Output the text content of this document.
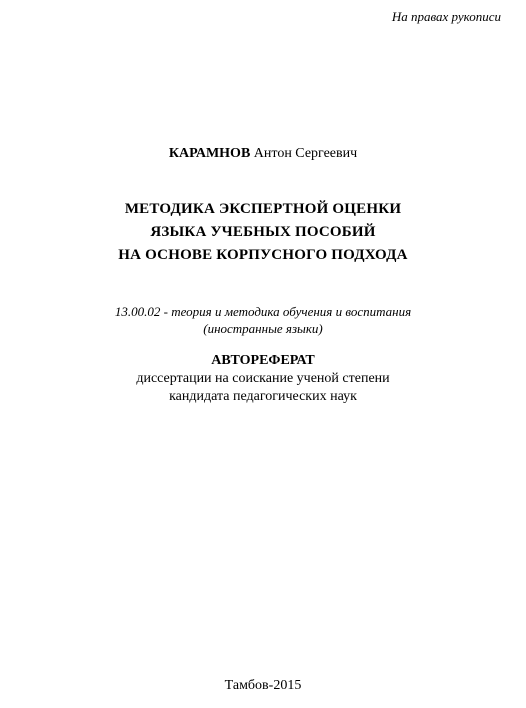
На правах рукописи
КАРАМНОВ Антон Сергеевич
МЕТОДИКА ЭКСПЕРТНОЙ ОЦЕНКИ
ЯЗЫКА УЧЕБНЫХ ПОСОБИЙ
НА ОСНОВЕ КОРПУСНОГО ПОДХОДА
13.00.02 - теория и методика обучения и воспитания
(иностранные языки)
АВТОРЕФЕРАТ
диссертации на соискание ученой степени
кандидата педагогических наук
Тамбов-2015
